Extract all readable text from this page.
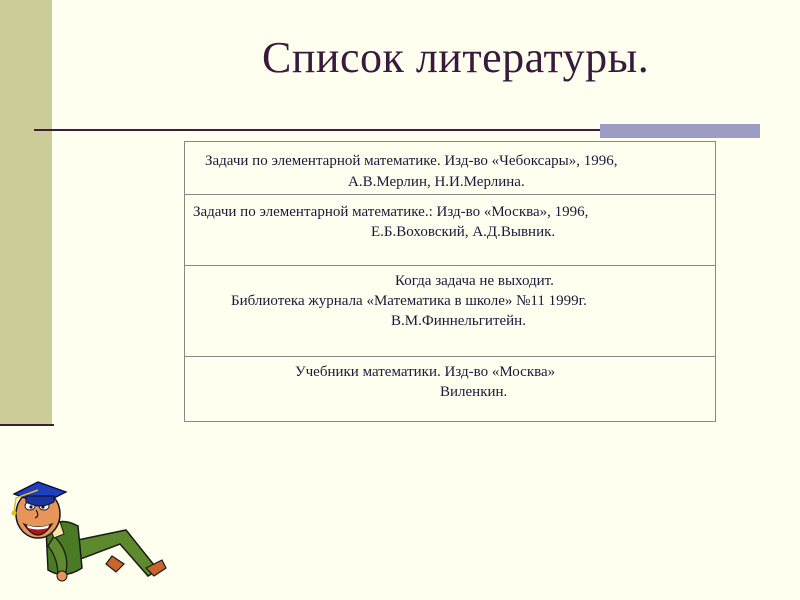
Список литературы.
Задачи по элементарной математике. Изд-во «Чебоксары», 1996,
А.В.Мерлин, Н.И.Мерлина.

Задачи по элементарной математике.: Изд-во «Москва», 1996,
Е.Б.Воховский, А.Д.Вывник.

Когда задача не выходит.
Библиотека журнала «Математика в школе» №11 1999г.
В.М.Финнельгитейн.

Учебники математики. Изд-во «Москва»
Виленкин.
